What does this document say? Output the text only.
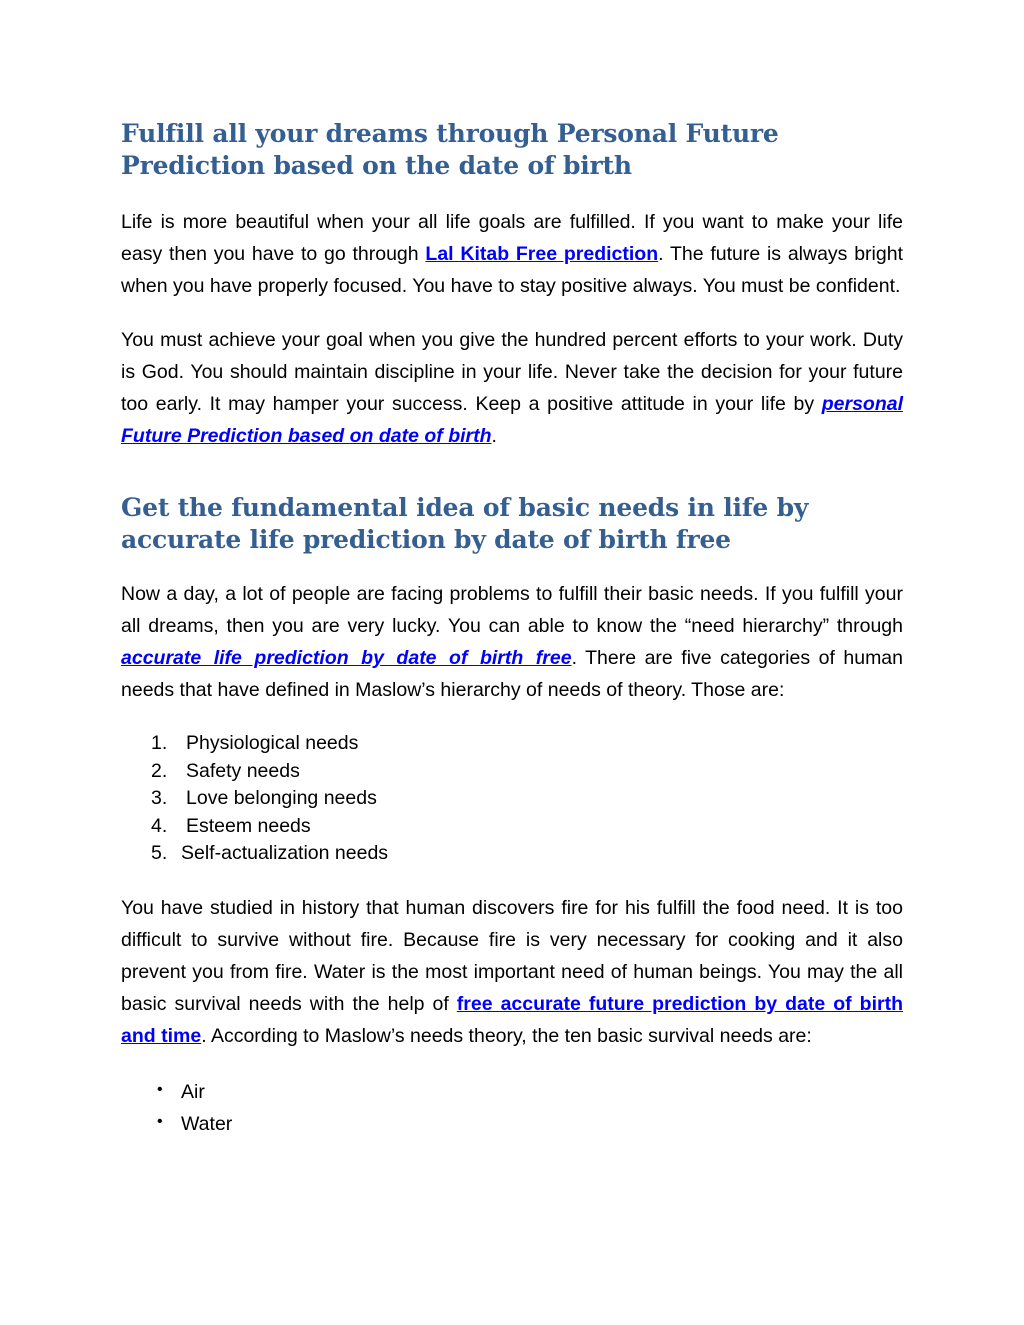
Fulfill all your dreams through Personal Future Prediction based on the date of birth

Life is more beautiful when your all life goals are fulfilled. If you want to make your life easy then you have to go through Lal Kitab Free prediction. The future is always bright when you have properly focused. You have to stay positive always. You must be confident.

You must achieve your goal when you give the hundred percent efforts to your work. Duty is God. You should maintain discipline in your life. Never take the decision for your future too early. It may hamper your success. Keep a positive attitude in your life by personal Future Prediction based on date of birth.

Get the fundamental idea of basic needs in life by accurate life prediction by date of birth free

Now a day, a lot of people are facing problems to fulfill their basic needs. If you fulfill your all dreams, then you are very lucky. You can able to know the “need hierarchy” through accurate life prediction by date of birth free. There are five categories of human needs that have defined in Maslow’s hierarchy of needs of theory. Those are:

1. Physiological needs
2. Safety needs
3. Love belonging needs
4. Esteem needs
5. Self-actualization needs

You have studied in history that human discovers fire for his fulfill the food need. It is too difficult to survive without fire. Because fire is very necessary for cooking and it also prevent you from fire. Water is the most important need of human beings. You may the all basic survival needs with the help of free accurate future prediction by date of birth and time. According to Maslow’s needs theory, the ten basic survival needs are:

• Air
• Water
